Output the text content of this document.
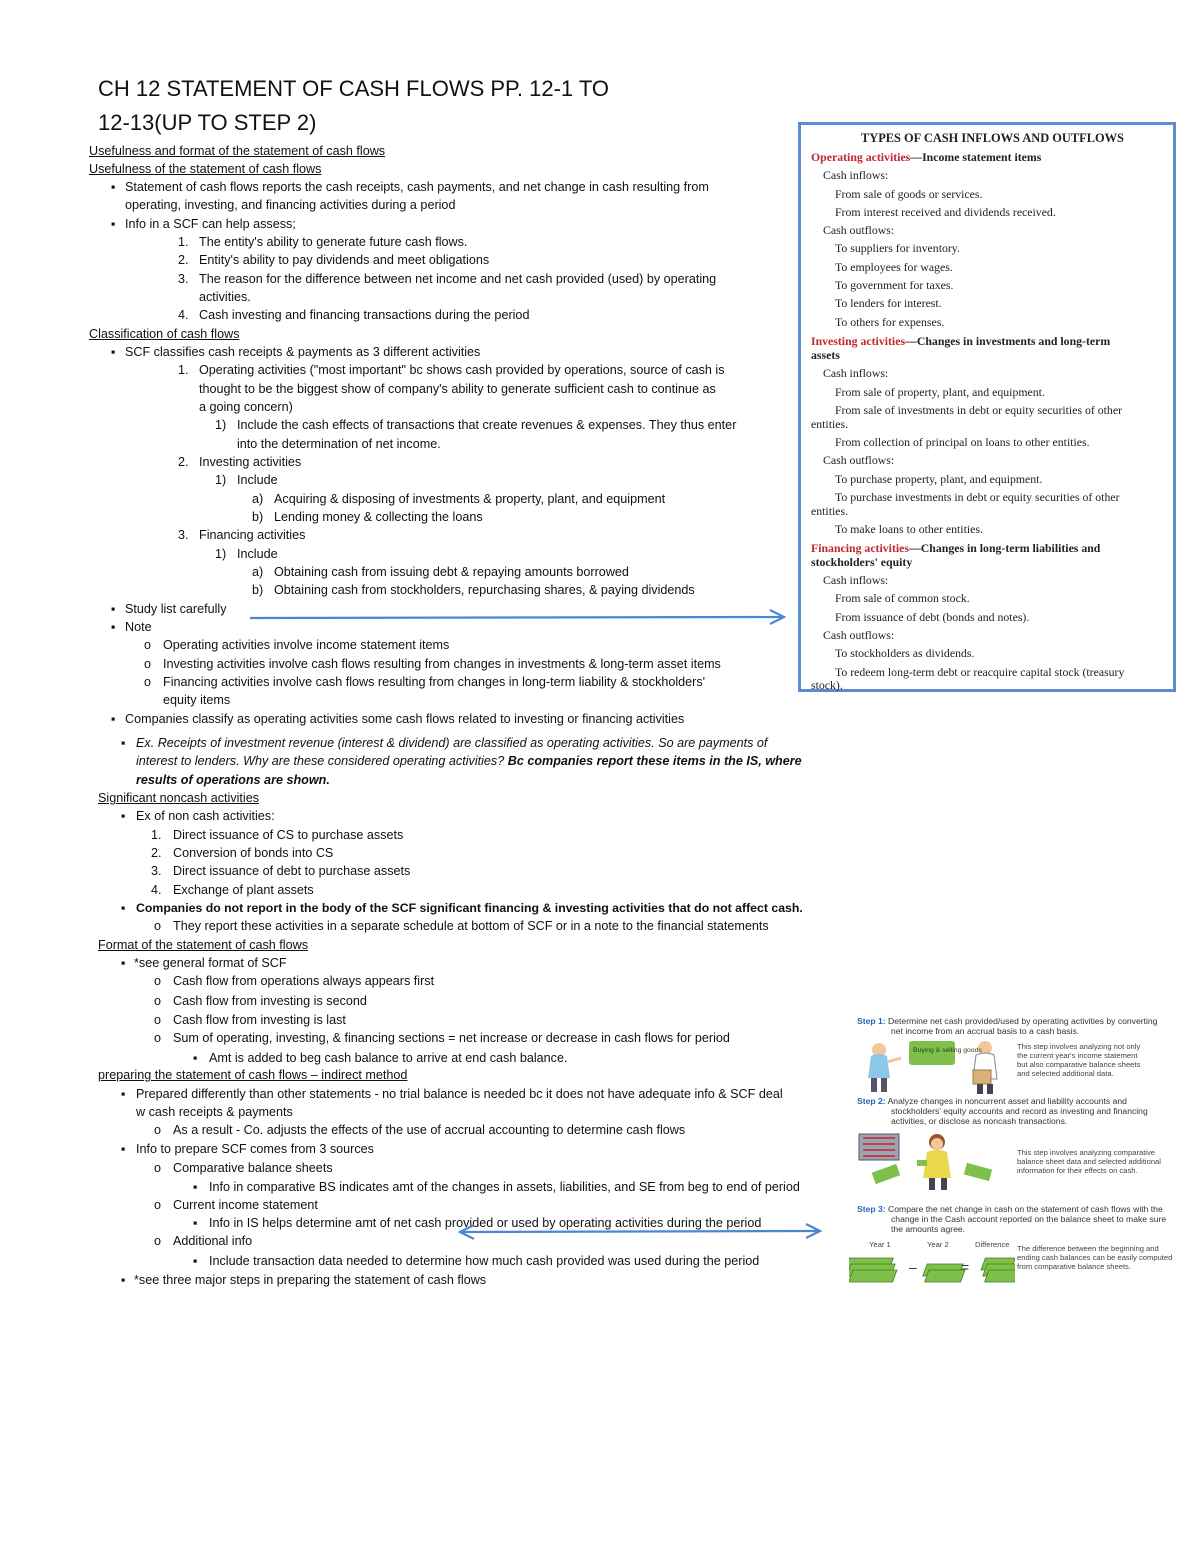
CH 12 STATEMENT OF CASH FLOWS PP. 12-1 TO
12-13(UP TO STEP 2)
Usefulness and format of the statement of cash flows
Usefulness of the statement of cash flows
▪ Statement of cash flows reports the cash receipts, cash payments, and net change in cash resulting from
operating, investing, and financing activities during a period
▪ Info in a SCF can help assess;
1. The entity's ability to generate future cash flows.
2. Entity's ability to pay dividends and meet obligations
3. The reason for the difference between net income and net cash provided (used) by operating
activities.
4. Cash investing and financing transactions during the period
Classification of cash flows
▪ SCF classifies cash receipts & payments as 3 different activities
1. Operating activities ("most important" bc shows cash provided by operations, source of cash is
thought to be the biggest show of company's ability to generate sufficient cash to continue as
a going concern)
1) Include the cash effects of transactions that create revenues & expenses. They thus enter
into the determination of net income.
2. Investing activities
1) Include
a) Acquiring & disposing of investments & property, plant, and equipment
b) Lending money & collecting the loans
3. Financing activities
1) Include
a) Obtaining cash from issuing debt & repaying amounts borrowed
b) Obtaining cash from stockholders, repurchasing shares, & paying dividends
▪ Study list carefully
▪ Note
o Operating activities involve income statement items
o Investing activities involve cash flows resulting from changes in investments & long-term asset items
o Financing activities involve cash flows resulting from changes in long-term liability & stockholders'
equity items
▪ Companies classify as operating activities some cash flows related to investing or financing activities
▪ Ex. Receipts of investment revenue (interest & dividend) are classified as operating activities. So are payments of
interest to lenders. Why are these considered operating activities? Bc companies report these items in the IS, where
results of operations are shown.
Significant noncash activities
▪ Ex of non cash activities:
1. Direct issuance of CS to purchase assets
2. Conversion of bonds into CS
3. Direct issuance of debt to purchase assets
4. Exchange of plant assets
▪ Companies do not report in the body of the SCF significant financing & investing activities that do not affect cash.
o They report these activities in a separate schedule at bottom of SCF or in a note to the financial statements
Format of the statement of cash flows
▪ *see general format of SCF
o Cash flow from operations always appears first
o Cash flow from investing is second
o Cash flow from investing is last
o Sum of operating, investing, & financing sections = net increase or decrease in cash flows for period
▪ Amt is added to beg cash balance to arrive at end cash balance.
preparing the statement of cash flows – indirect method
▪ Prepared differently than other statements - no trial balance is needed bc it does not have adequate info & SCF deal
w cash receipts & payments
o As a result - Co. adjusts the effects of the use of accrual accounting to determine cash flows
▪ Info to prepare SCF comes from 3 sources
o Comparative balance sheets
▪ Info in comparative BS indicates amt of the changes in assets, liabilities, and SE from beg to end of period
o Current income statement
▪ Info in IS helps determine amt of net cash provided or used by operating activities during the period
o Additional info
▪ Include transaction data needed to determine how much cash provided was used during the period
▪ *see three major steps in preparing the statement of cash flows
TYPES OF CASH INFLOWS AND OUTFLOWS
Operating activities—Income statement items
Cash inflows:
From sale of goods or services.
From interest received and dividends received.
Cash outflows:
To suppliers for inventory.
To employees for wages.
To government for taxes.
To lenders for interest.
To others for expenses.
Investing activities—Changes in investments and long-term
assets
Cash inflows:
From sale of property, plant, and equipment.
From sale of investments in debt or equity securities of other
entities.
From collection of principal on loans to other entities.
Cash outflows:
To purchase property, plant, and equipment.
To purchase investments in debt or equity securities of other
entities.
To make loans to other entities.
Financing activities—Changes in long-term liabilities and
stockholders' equity
Cash inflows:
From sale of common stock.
From issuance of debt (bonds and notes).
Cash outflows:
To stockholders as dividends.
To redeem long-term debt or reacquire capital stock (treasury
stock).
Step 1: Determine net cash provided/used by operating activities by converting
net income from an accrual basis to a cash basis.
Buying & selling goods	This step involves analyzing not only
the current year's income statement
but also comparative balance sheets
and selected additional data.
Step 2: Analyze changes in noncurrent asset and liability accounts and
stockholders' equity accounts and record as investing and financing
activities, or disclose as noncash transactions.
This step involves analyzing comparative
balance sheet data and selected additional
information for their effects on cash.
Step 3: Compare the net change in cash on the statement of cash flows with the
change in the Cash account reported on the balance sheet to make sure
the amounts agree.
Year 1	Year 2	Difference
–	=
The difference between the beginning and
ending cash balances can be easily computed
from comparative balance sheets.
